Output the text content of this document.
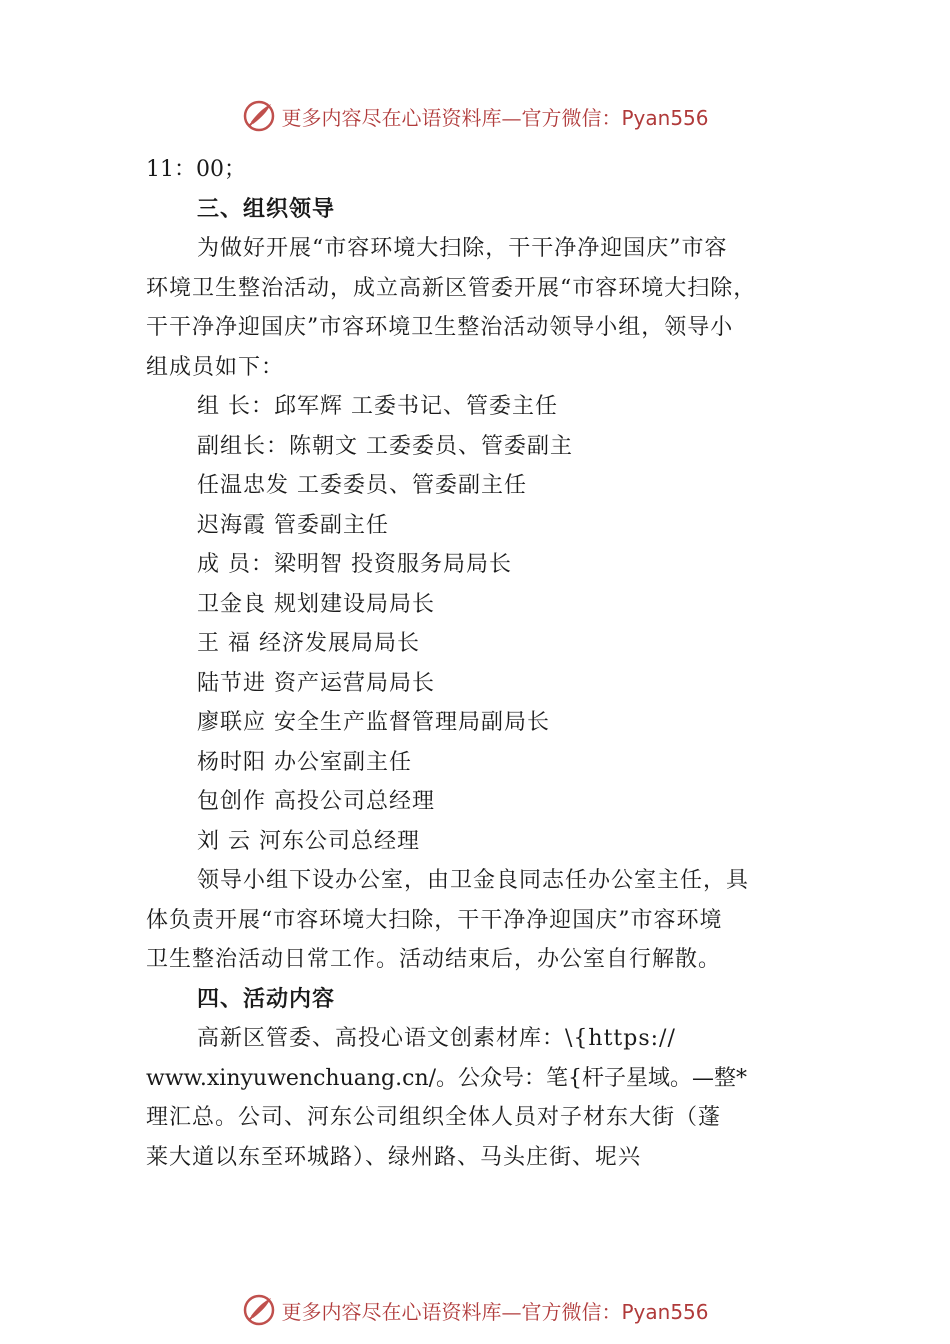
更多内容尽在心语资料库—官方微信：Pyan556
11：00；
三、组织领导
为做好开展“市容环境大扫除，干干净净迎国庆”市容
环境卫生整治活动，成立高新区管委开展“市容环境大扫除，
干干净净迎国庆”市容环境卫生整治活动领导小组，领导小
组成员如下：
组 长：邱军辉 工委书记、管委主任
副组长：陈朝文 工委委员、管委副主
任温忠发 工委委员、管委副主任
迟海霞 管委副主任
成 员：梁明智 投资服务局局长
卫金良 规划建设局局长
王 福 经济发展局局长
陆节进 资产运营局局长
廖联应 安全生产监督管理局副局长
杨时阳 办公室副主任
包创作 高投公司总经理
刘 云 河东公司总经理
领导小组下设办公室，由卫金良同志任办公室主任，具
体负责开展“市容环境大扫除，干干净净迎国庆”市容环境
卫生整治活动日常工作。活动结束后，办公室自行解散。
四、活动内容
高新区管委、高投心语文创素材库：\{https://
www.xinyuwenchuang.cn/。公众号：笔{杆子星域。—整*
理汇总。公司、河东公司组织全体人员对子材东大街（蓬
莱大道以东至环城路）、绿州路、马头庄街、坭兴
更多内容尽在心语资料库—官方微信：Pyan556
